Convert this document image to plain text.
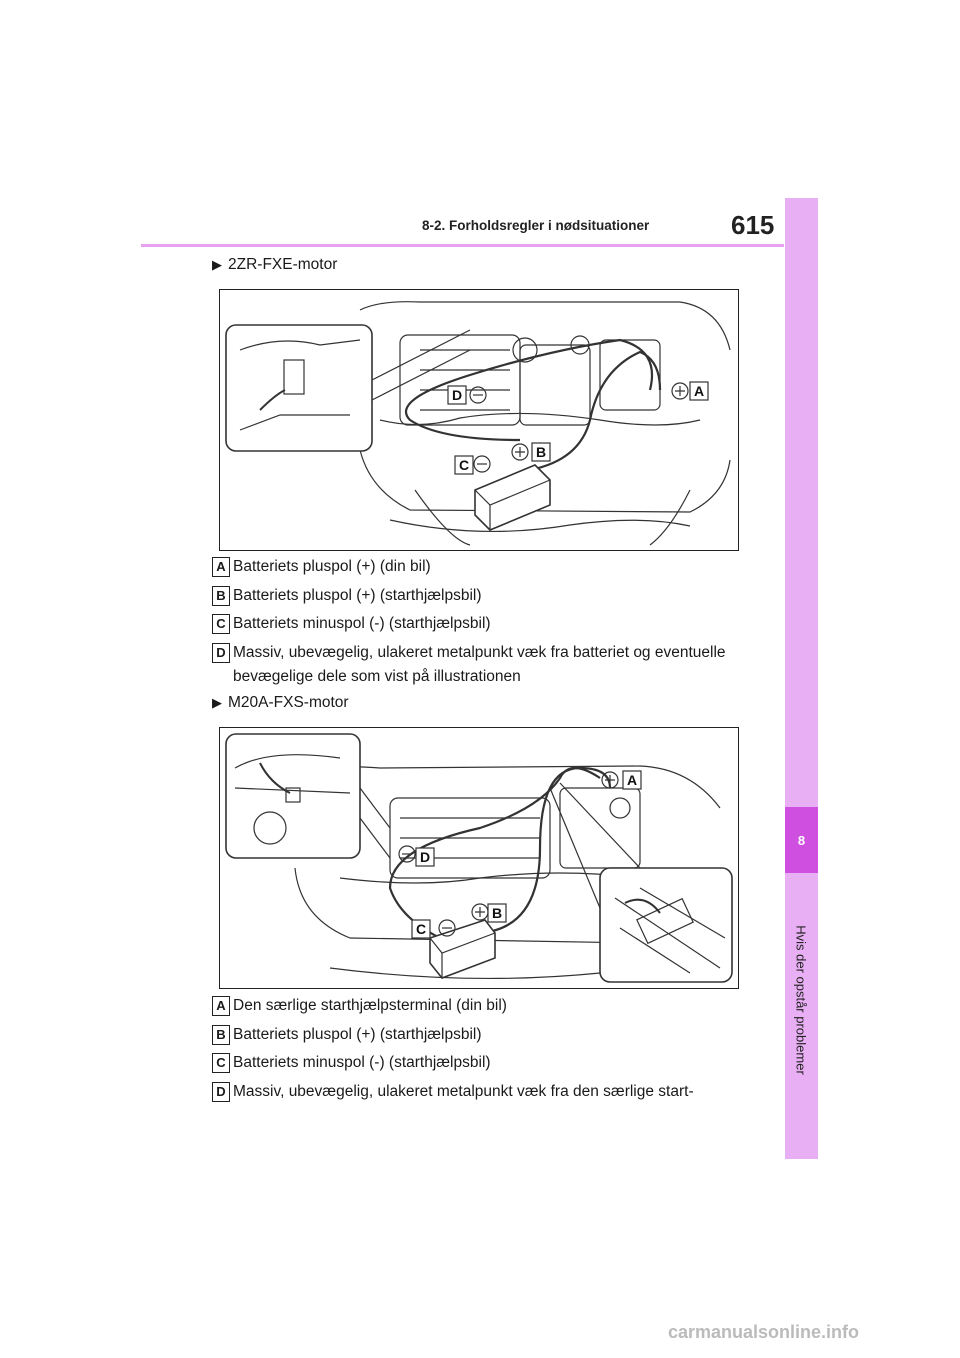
8-2. Forholdsregler i nødsituationer	615
8
Hvis der opstår problemer
▶ 2ZR-FXE-motor
D
B
C
A
A Batteriets pluspol (+) (din bil)
B Batteriets pluspol (+) (starthjælpsbil)
C Batteriets minuspol (-) (starthjælpsbil)
D Massiv, ubevægelig, ulakeret metalpunkt væk fra batteriet og eventuelle
bevægelige dele som vist på illustrationen
▶ M20A-FXS-motor
D
B
C
A
A Den særlige starthjælpsterminal (din bil)
B Batteriets pluspol (+) (starthjælpsbil)
C Batteriets minuspol (-) (starthjælpsbil)
D Massiv, ubevægelig, ulakeret metalpunkt væk fra den særlige start-
carmanualsonline.info
